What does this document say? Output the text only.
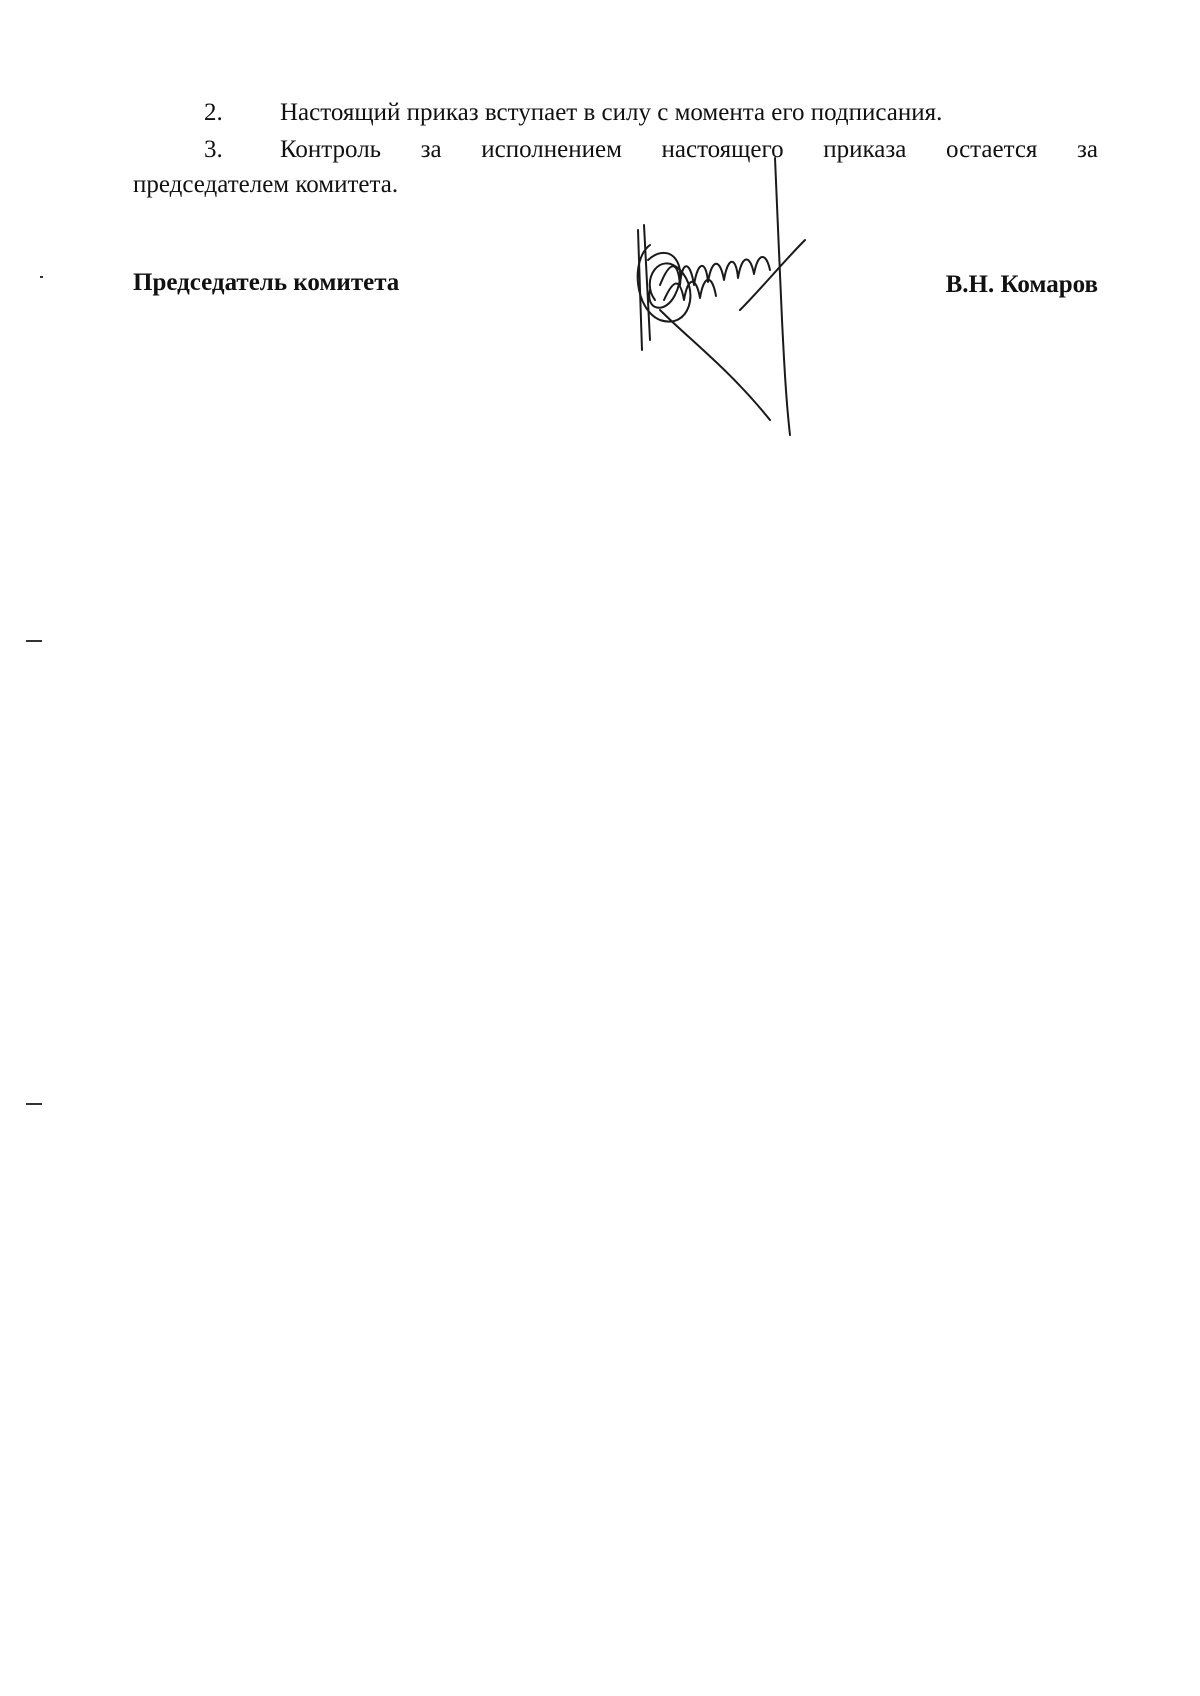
2. Настоящий приказ вступает в силу с момента его подписания.
3. Контроль за исполнением настоящего приказа остается за
председателем комитета.
Председатель комитета	В.Н. Комаров
